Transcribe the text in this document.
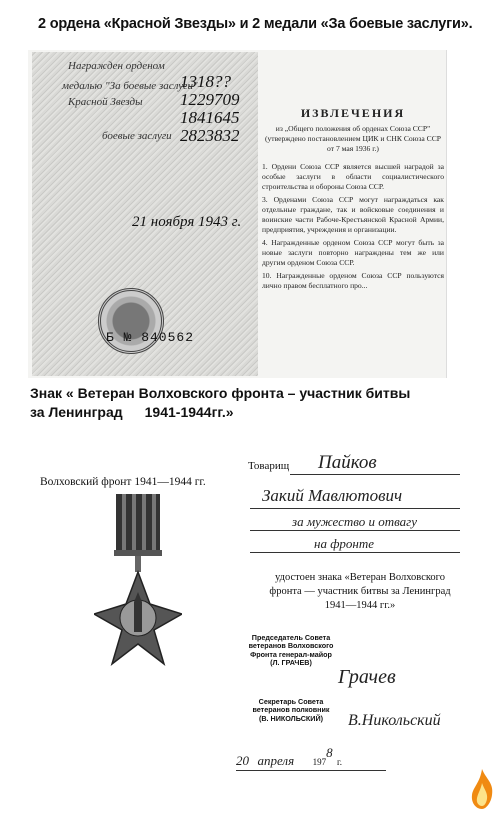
2 ордена «Красной Звезды» и 2 медали «За боевые заслуги».
Награжден орденом
медалью "За боевые заслуги"
Красной Звезды
боевые заслуги
1318??
1229709
1841645
2823832
21 ноября 1943 г.
Б № 840562
ИЗВЛЕЧЕНИЯ

из „Общего положения об орденах Союза ССР" (утверждено постановлением ЦИК и СНК Союза ССР от 7 мая 1936 г.)

1. Ордени Союзa ССР является высшей наградой за особые заслуги в области социалистического строительства и обороны Союза ССР.

3. Орденами Союза ССР могут награждаться как отдельные граждане, так и войсковые соединения и воинские части Рабоче-Крестьянской Красной Армии, предприятия, учреждения и организации.

4. Награжденные орденом Союза ССР могут быть за новые заслуги повторно награждены тем же или другим орденом Союза ССР.

10. Награжденные орденом Союза ССР пользуются лично правом бесплатного про...

Знак « Ветеран Волховского фронта – участник битвы
за Ленинград 1941-1944гг.»
Волховский фронт 1941—1944 гг.
Товарищ Пайков
Закий Мавлютович
за мужество и отвагу
на фронте
удостоен знака «Ветеран Волховского фронта — участник битвы за Ленинград 1941—1944 гг.»
Председатель Совета ветеранов Волховского Фронта генерал-майор (Л. ГРАЧЕВ)
Грачев
Секретарь Совета ветеранов полковник (В. НИКОЛЬСКИЙ)	В.Никольский
20 апреля $197^8$ г.
